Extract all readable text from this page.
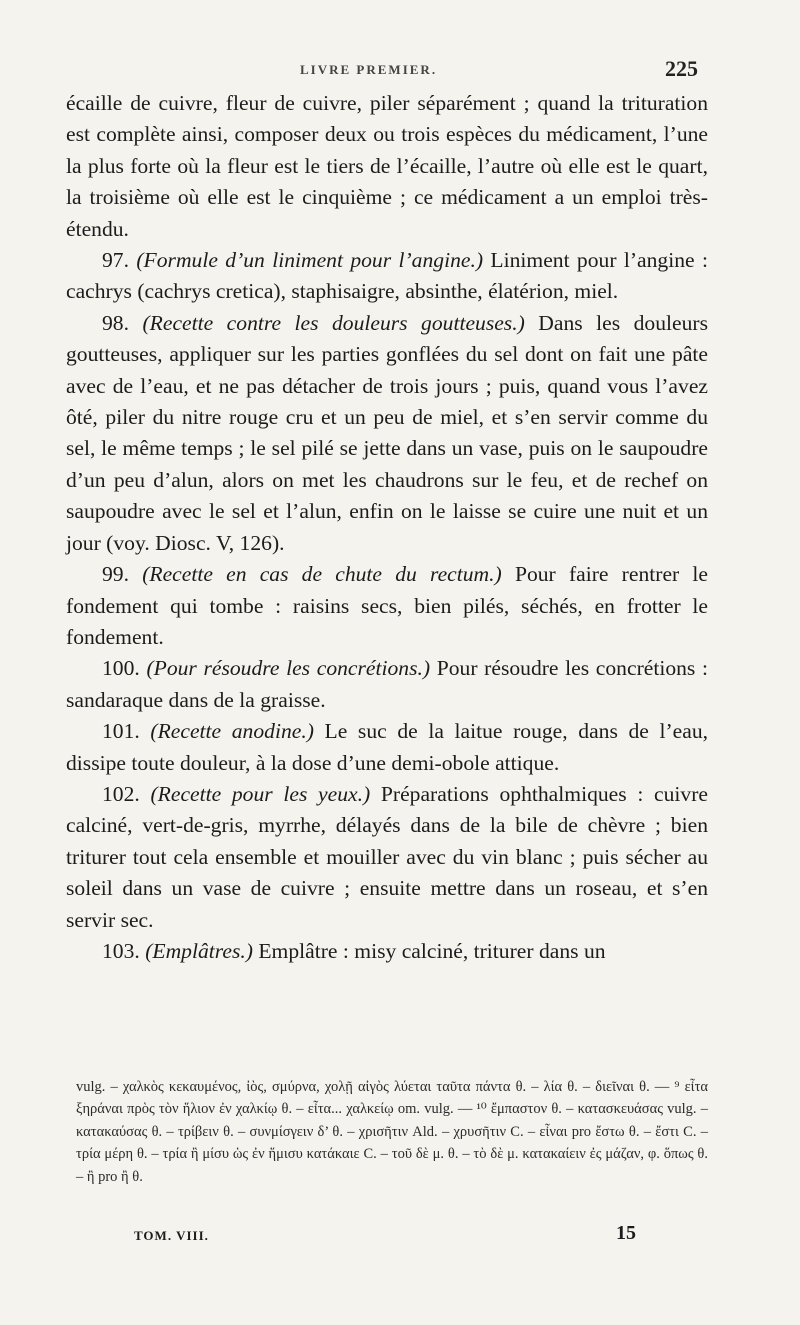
LIVRE PREMIER.	225

écaille de cuivre, fleur de cuivre, piler séparément ; quand la trituration est complète ainsi, composer deux ou trois espèces du médicament, l’une la plus forte où la fleur est le tiers de l’écaille, l’autre où elle est le quart, la troisième où elle est le cinquième ; ce médicament a un emploi très-étendu.

97. (Formule d’un liniment pour l’angine.) Liniment pour l’angine : cachrys (cachrys cretica), staphisaigre, absinthe, élatérion, miel.

98. (Recette contre les douleurs goutteuses.) Dans les douleurs goutteuses, appliquer sur les parties gonflées du sel dont on fait une pâte avec de l’eau, et ne pas détacher de trois jours ; puis, quand vous l’avez ôté, piler du nitre rouge cru et un peu de miel, et s’en servir comme du sel, le même temps ; le sel pilé se jette dans un vase, puis on le saupoudre d’un peu d’alun, alors on met les chaudrons sur le feu, et de rechef on saupoudre avec le sel et l’alun, enfin on le laisse se cuire une nuit et un jour (voy. Diosc. V, 126).

99. (Recette en cas de chute du rectum.) Pour faire rentrer le fondement qui tombe : raisins secs, bien pilés, séchés, en frotter le fondement.

100. (Pour résoudre les concrétions.) Pour résoudre les concrétions : sandaraque dans de la graisse.

101. (Recette anodine.) Le suc de la laitue rouge, dans de l’eau, dissipe toute douleur, à la dose d’une demi-obole attique.

102. (Recette pour les yeux.) Préparations ophthalmiques : cuivre calciné, vert-de-gris, myrrhe, délayés dans de la bile de chèvre ; bien triturer tout cela ensemble et mouiller avec du vin blanc ; puis sécher au soleil dans un vase de cuivre ; ensuite mettre dans un roseau, et s’en servir sec.

103. (Emplâtres.) Emplâtre : misy calciné, triturer dans un

vulg. – χαλκὸς κεκαυμένος, ἰὸς, σμύρνα, χολῇ αἰγὸς λύεται ταῦτα πάντα θ. – λία θ. – διεῖναι θ. — ⁹ εἶτα ξηράναι πρὸς τὸν ἥλιον ἐν χαλκίῳ θ. – εἶτα... χαλκείῳ om. vulg. — ¹⁰ ἔμπαστον θ. – κατασκευάσας vulg. – κατακαύσας θ. – τρίβειν θ. – συνμίσγειν δ’ θ. – χρισῆτιν Ald. – χρυσῆτιν C. – εἶναι pro ἔστω θ. – ἔστι C. – τρία μέρη θ. – τρία ἢ μίσυ ὡς ἐν ἥμισυ κατάκαιε C. – τοῦ δὲ μ. θ. – τὸ δὲ μ. κατακαίειν ἐς μάζαν, φ. ὅπως θ. – ἢ pro ἢ θ.

TOM. VIII.	15
